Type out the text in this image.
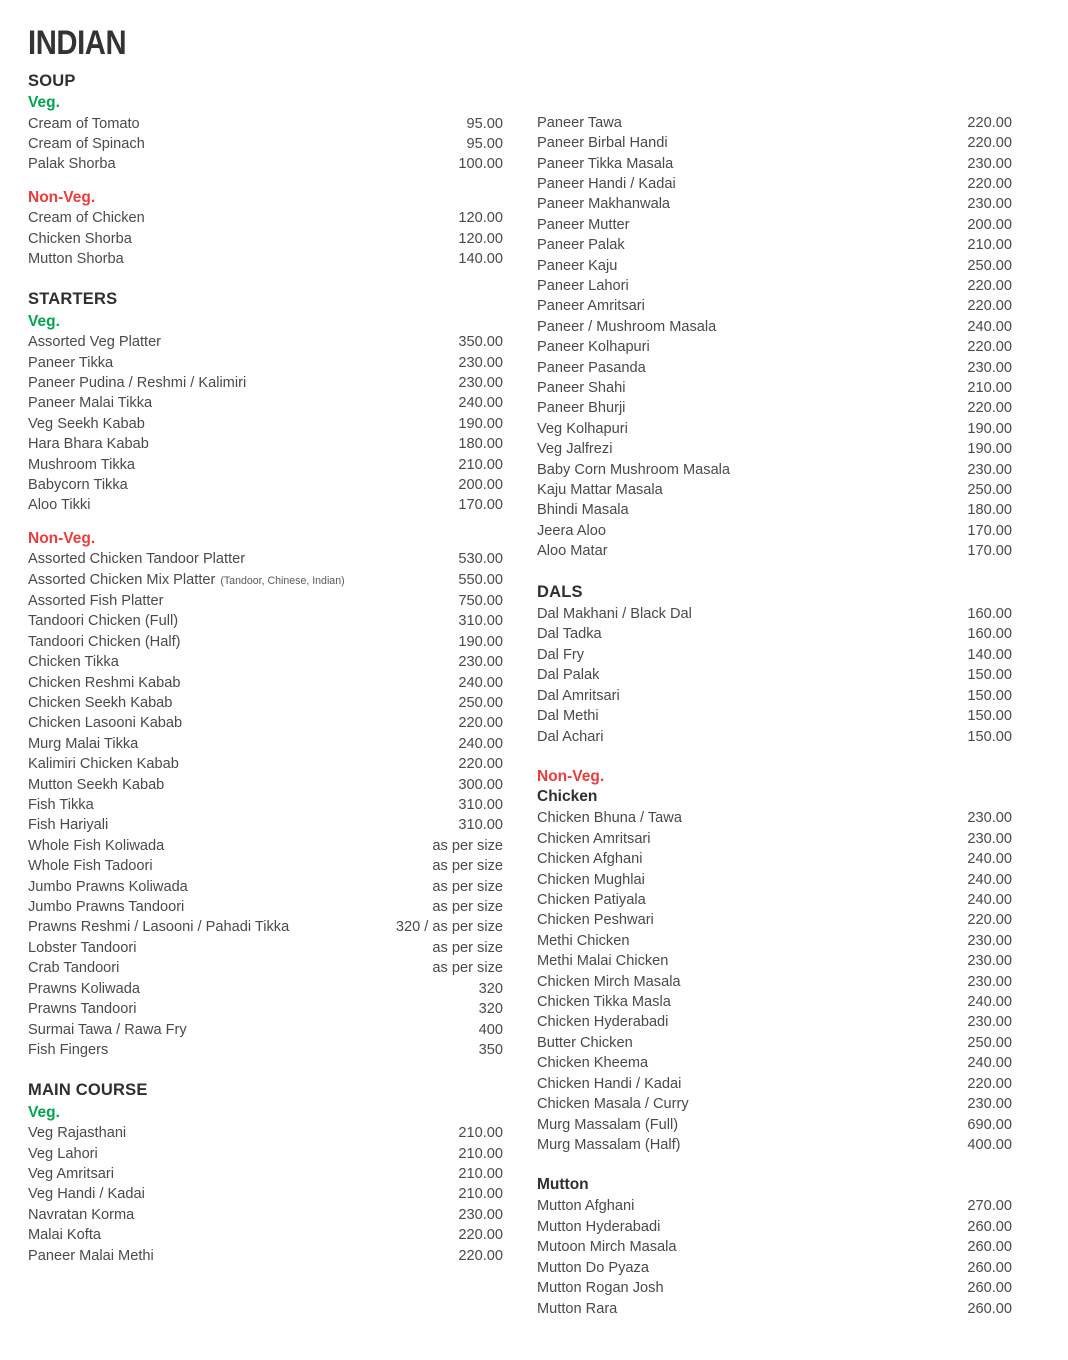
INDIAN
SOUP
Veg.
Cream of Tomato	95.00
Cream of Spinach	95.00
Palak Shorba	100.00
Non-Veg.
Cream of Chicken	120.00
Chicken Shorba	120.00
Mutton Shorba	140.00
STARTERS
Veg.
Assorted Veg Platter	350.00
Paneer Tikka	230.00
Paneer Pudina / Reshmi / Kalimiri	230.00
Paneer Malai Tikka	240.00
Veg Seekh Kabab	190.00
Hara Bhara Kabab	180.00
Mushroom Tikka	210.00
Babycorn Tikka	200.00
Aloo Tikki	170.00
Non-Veg.
Assorted Chicken Tandoor Platter	530.00
Assorted Chicken Mix Platter (Tandoor, Chinese, Indian)	550.00
Assorted Fish Platter	750.00
Tandoori Chicken (Full)	310.00
Tandoori Chicken (Half)	190.00
Chicken Tikka	230.00
Chicken Reshmi Kabab	240.00
Chicken Seekh Kabab	250.00
Chicken Lasooni Kabab	220.00
Murg Malai Tikka	240.00
Kalimiri Chicken Kabab	220.00
Mutton Seekh Kabab	300.00
Fish Tikka	310.00
Fish Hariyali	310.00
Whole Fish Koliwada	as per size
Whole Fish Tadoori	as per size
Jumbo Prawns Koliwada	as per size
Jumbo Prawns Tandoori	as per size
Prawns Reshmi / Lasooni / Pahadi Tikka	320 / as per size
Lobster Tandoori	as per size
Crab Tandoori	as per size
Prawns Koliwada	320
Prawns Tandoori	320
Surmai Tawa / Rawa Fry	400
Fish Fingers	350
MAIN COURSE
Veg.
Veg Rajasthani	210.00
Veg Lahori	210.00
Veg Amritsari	210.00
Veg Handi / Kadai	210.00
Navratan Korma	230.00
Malai Kofta	220.00
Paneer Malai Methi	220.00
Paneer Tawa	220.00
Paneer Birbal Handi	220.00
Paneer Tikka Masala	230.00
Paneer Handi / Kadai	220.00
Paneer Makhanwala	230.00
Paneer Mutter	200.00
Paneer Palak	210.00
Paneer Kaju	250.00
Paneer Lahori	220.00
Paneer Amritsari	220.00
Paneer / Mushroom Masala	240.00
Paneer Kolhapuri	220.00
Paneer Pasanda	230.00
Paneer Shahi	210.00
Paneer Bhurji	220.00
Veg Kolhapuri	190.00
Veg Jalfrezi	190.00
Baby Corn Mushroom Masala	230.00
Kaju Mattar Masala	250.00
Bhindi Masala	180.00
Jeera Aloo	170.00
Aloo Matar	170.00
DALS
Dal Makhani / Black Dal	160.00
Dal Tadka	160.00
Dal Fry	140.00
Dal Palak	150.00
Dal Amritsari	150.00
Dal Methi	150.00
Dal Achari	150.00
Non-Veg.
Chicken
Chicken Bhuna / Tawa	230.00
Chicken Amritsari	230.00
Chicken Afghani	240.00
Chicken Mughlai	240.00
Chicken Patiyala	240.00
Chicken Peshwari	220.00
Methi Chicken	230.00
Methi Malai Chicken	230.00
Chicken Mirch Masala	230.00
Chicken Tikka Masla	240.00
Chicken Hyderabadi	230.00
Butter Chicken	250.00
Chicken Kheema	240.00
Chicken Handi / Kadai	220.00
Chicken Masala / Curry	230.00
Murg Massalam (Full)	690.00
Murg Massalam (Half)	400.00
Mutton
Mutton Afghani	270.00
Mutton Hyderabadi	260.00
Mutoon Mirch Masala	260.00
Mutton Do Pyaza	260.00
Mutton Rogan Josh	260.00
Mutton Rara	260.00
